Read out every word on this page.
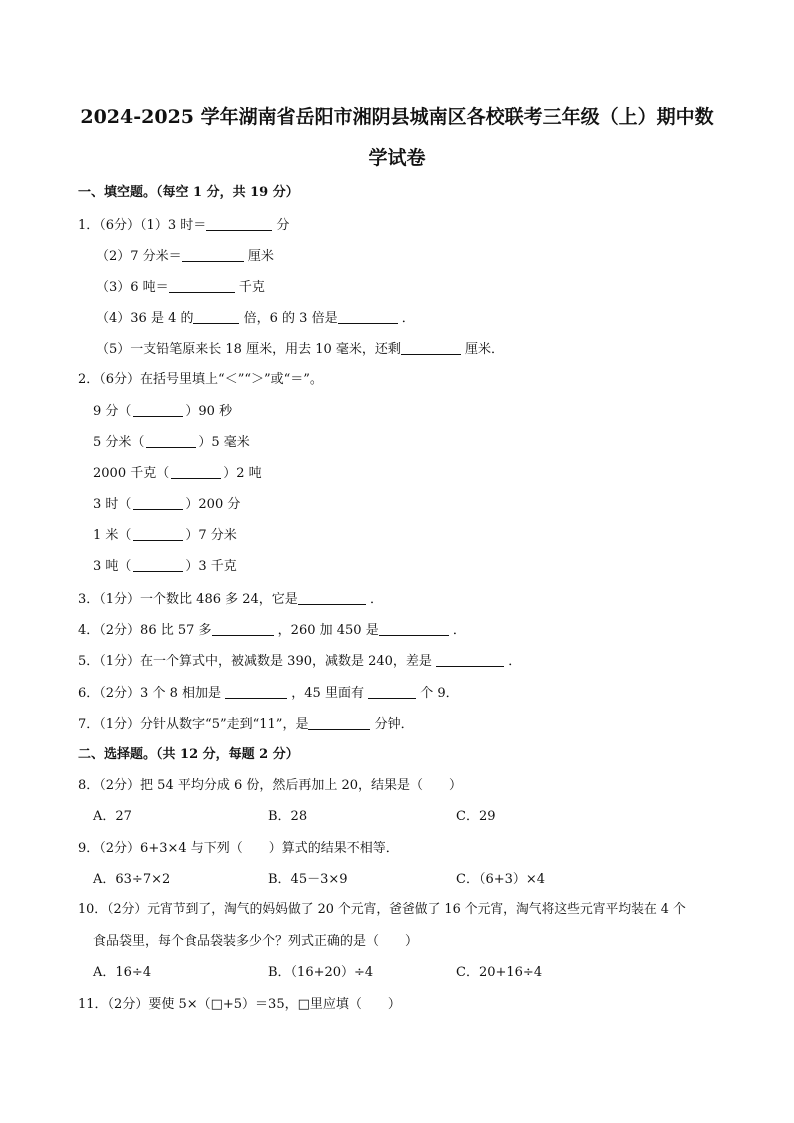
2024-2025 学年湖南省岳阳市湘阴县城南区各校联考三年级（上）期中数
学试卷
一、填空题。（每空 1 分，共 19 分）
1．（6分）（1）3 时＝	分
（2）7 分米＝	厘米
（3）6 吨＝	千克
（4）36 是 4 的	倍，6 的 3 倍是	．
（5）一支铅笔原来长 18 厘米，用去 10 毫米，还剩	厘米．
2．（6分）在括号里填上“＜”“＞”或“＝”。
9 分（	）90 秒
5 分米（	）5 毫米
2000 千克（	）2 吨
3 时（	）200 分
1 米（	）7 分米
3 吨（	）3 千克
3．（1分）一个数比 486 多 24，它是	．
4．（2分）86 比 57 多	，260 加 450 是	．
5．（1分）在一个算式中，被减数是 390，减数是 240，差是	．
6．（2分）3 个 8 相加是	，45 里面有	个 9．
7．（1分）分针从数字“5”走到“11”，是	分钟．
二、选择题。（共 12 分，每题 2 分）
8．（2分）把 54 平均分成 6 份，然后再加上 20，结果是（　　）
A．27	B．28	C．29
9．（2分）6+3×4 与下列（　　）算式的结果不相等．
A．63÷7×2	B．45－3×9	C．（6+3）×4
10．（2分）元宵节到了，淘气的妈妈做了 20 个元宵，爸爸做了 16 个元宵，淘气将这些元宵平均装在 4 个
食品袋里，每个食品袋装多少个？列式正确的是（　　）
A．16÷4	B．（16+20）÷4	C．20+16÷4
11．（2分）要使 5×（□+5）＝35，□里应填（　　）
